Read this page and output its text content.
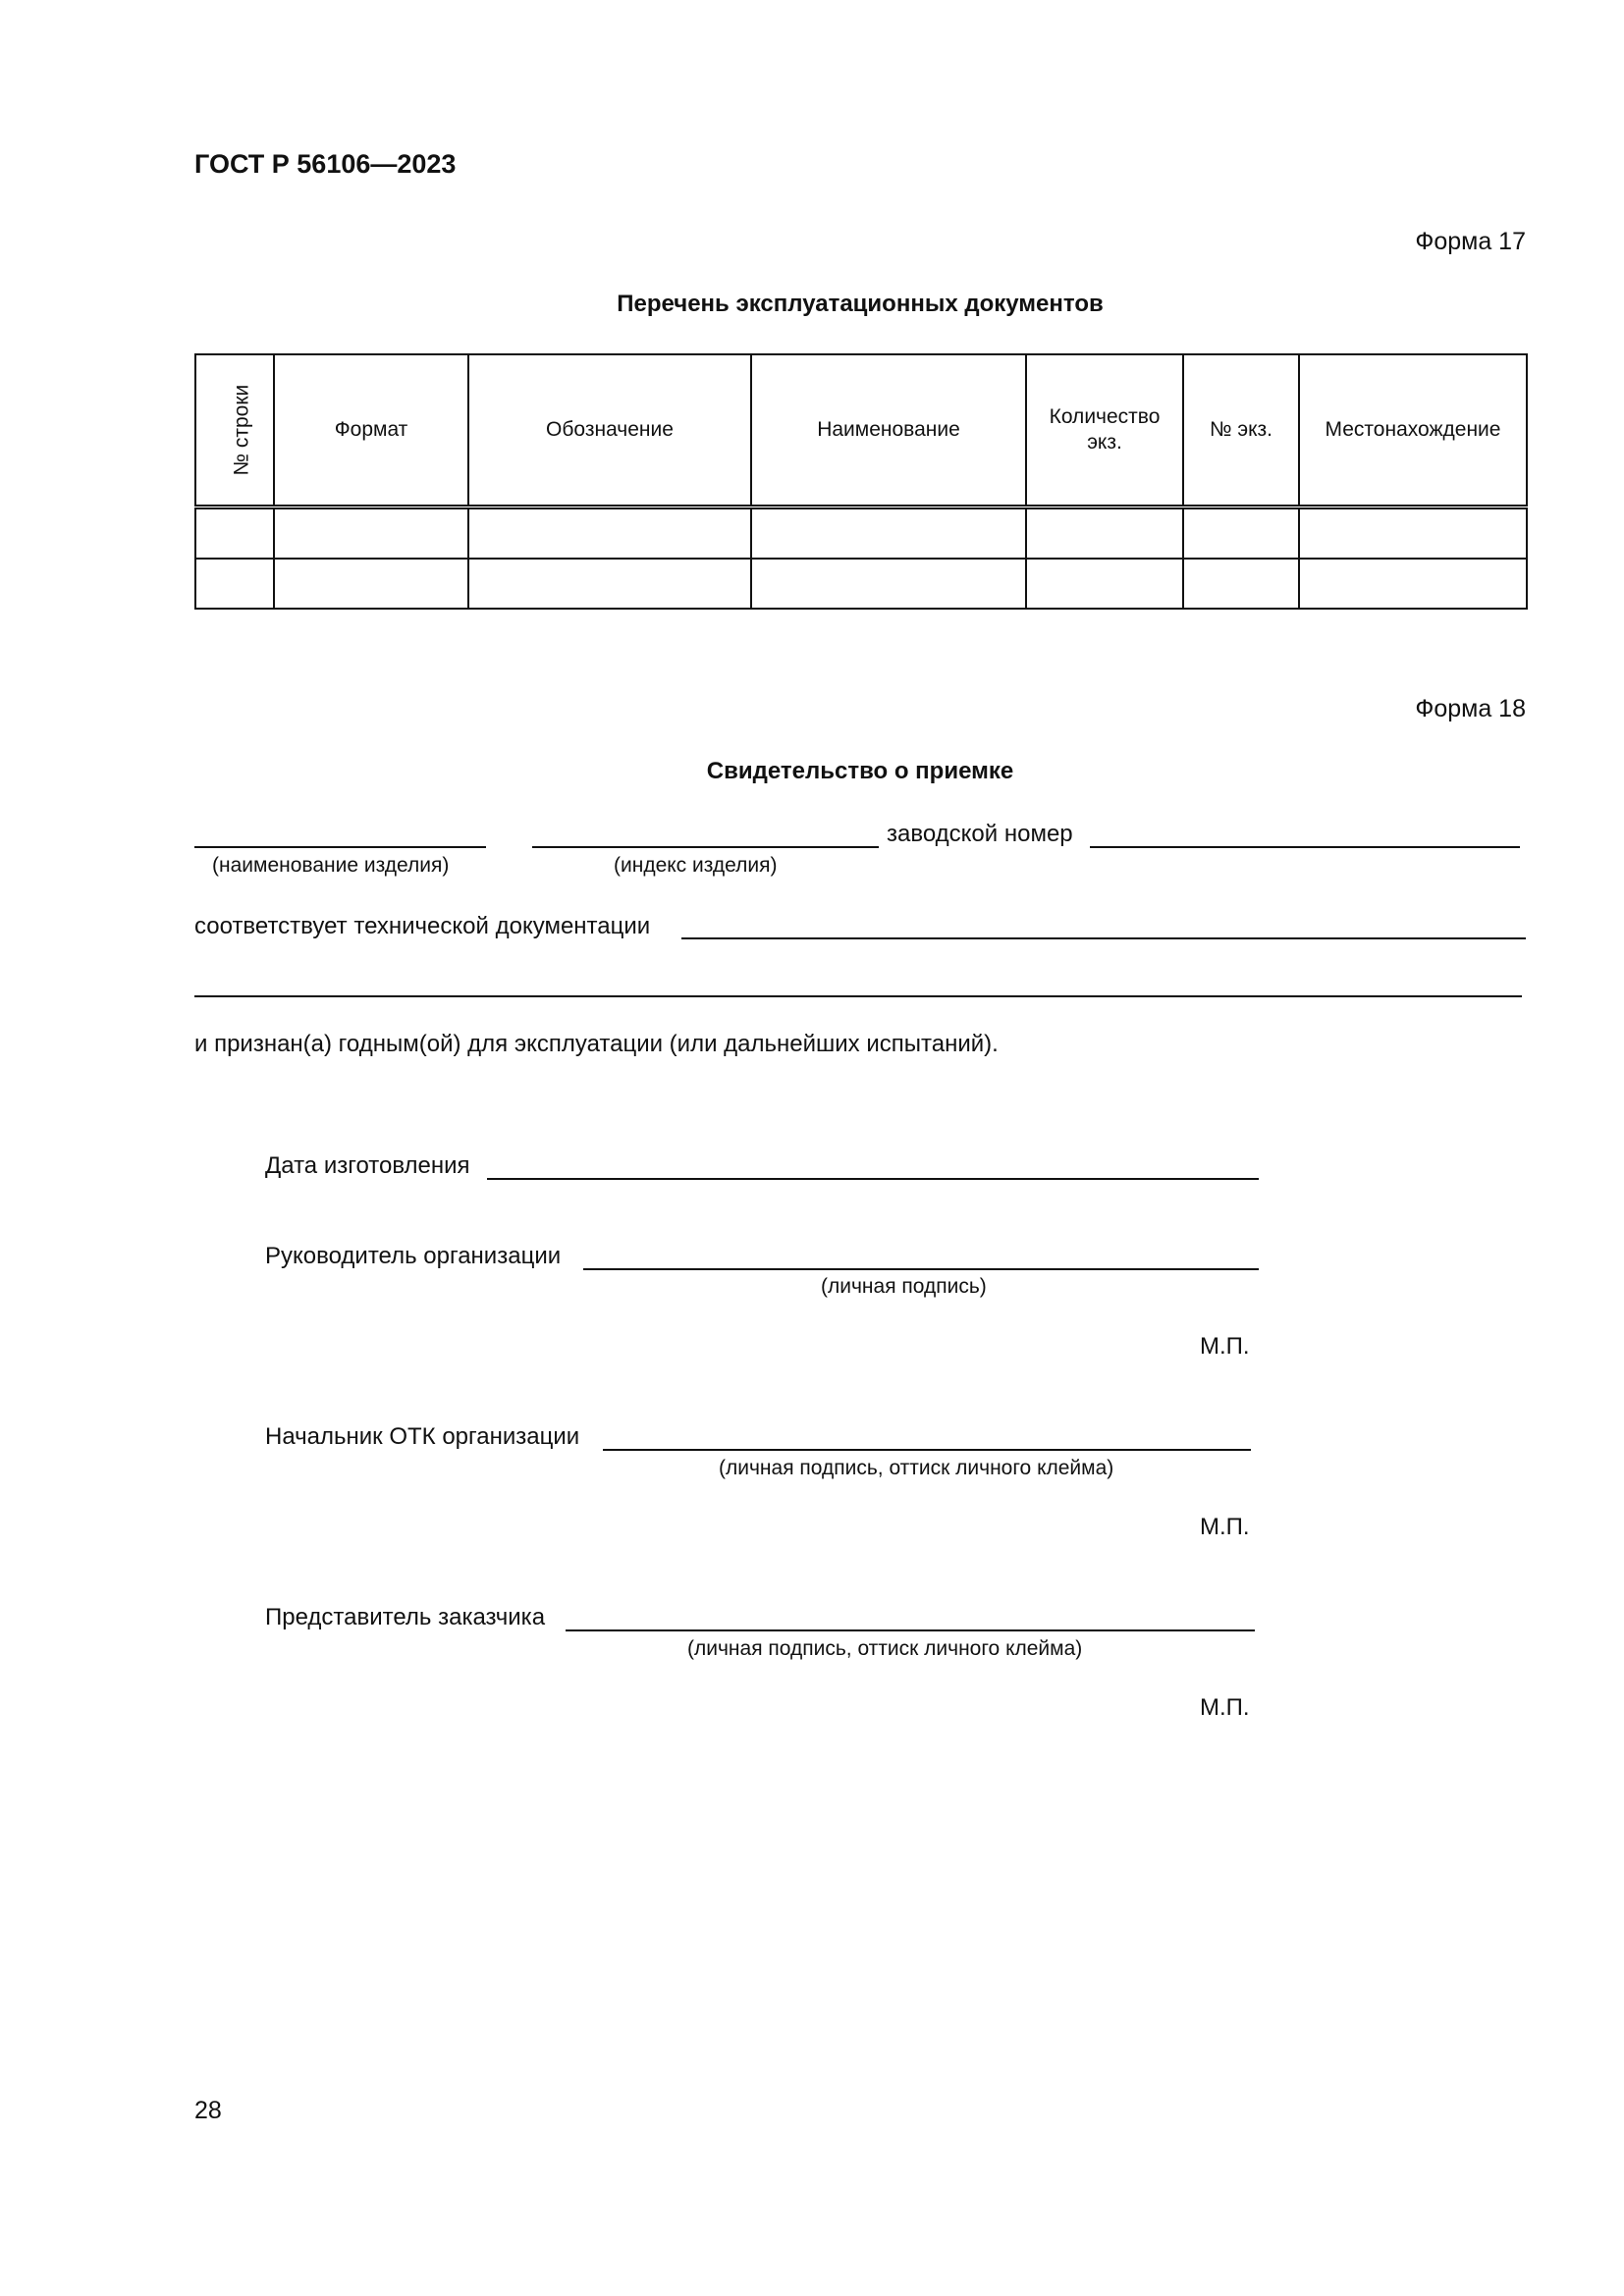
ГОСТ Р 56106—2023
Форма 17
Перечень эксплуатационных документов
№ строки	Формат	Обозначение	Наименование	Количество экз.	№ экз.	Местонахождение

Форма 18
Свидетельство о приемке
заводской номер
(наименование изделия)	(индекс изделия)
соответствует технической документации
и признан(а) годным(ой) для эксплуатации (или дальнейших испытаний).
Дата изготовления
Руководитель организации
(личная подпись)
М.П.
Начальник ОТК организации
(личная подпись, оттиск личного клейма)
М.П.
Представитель заказчика
(личная подпись, оттиск личного клейма)
М.П.
28
